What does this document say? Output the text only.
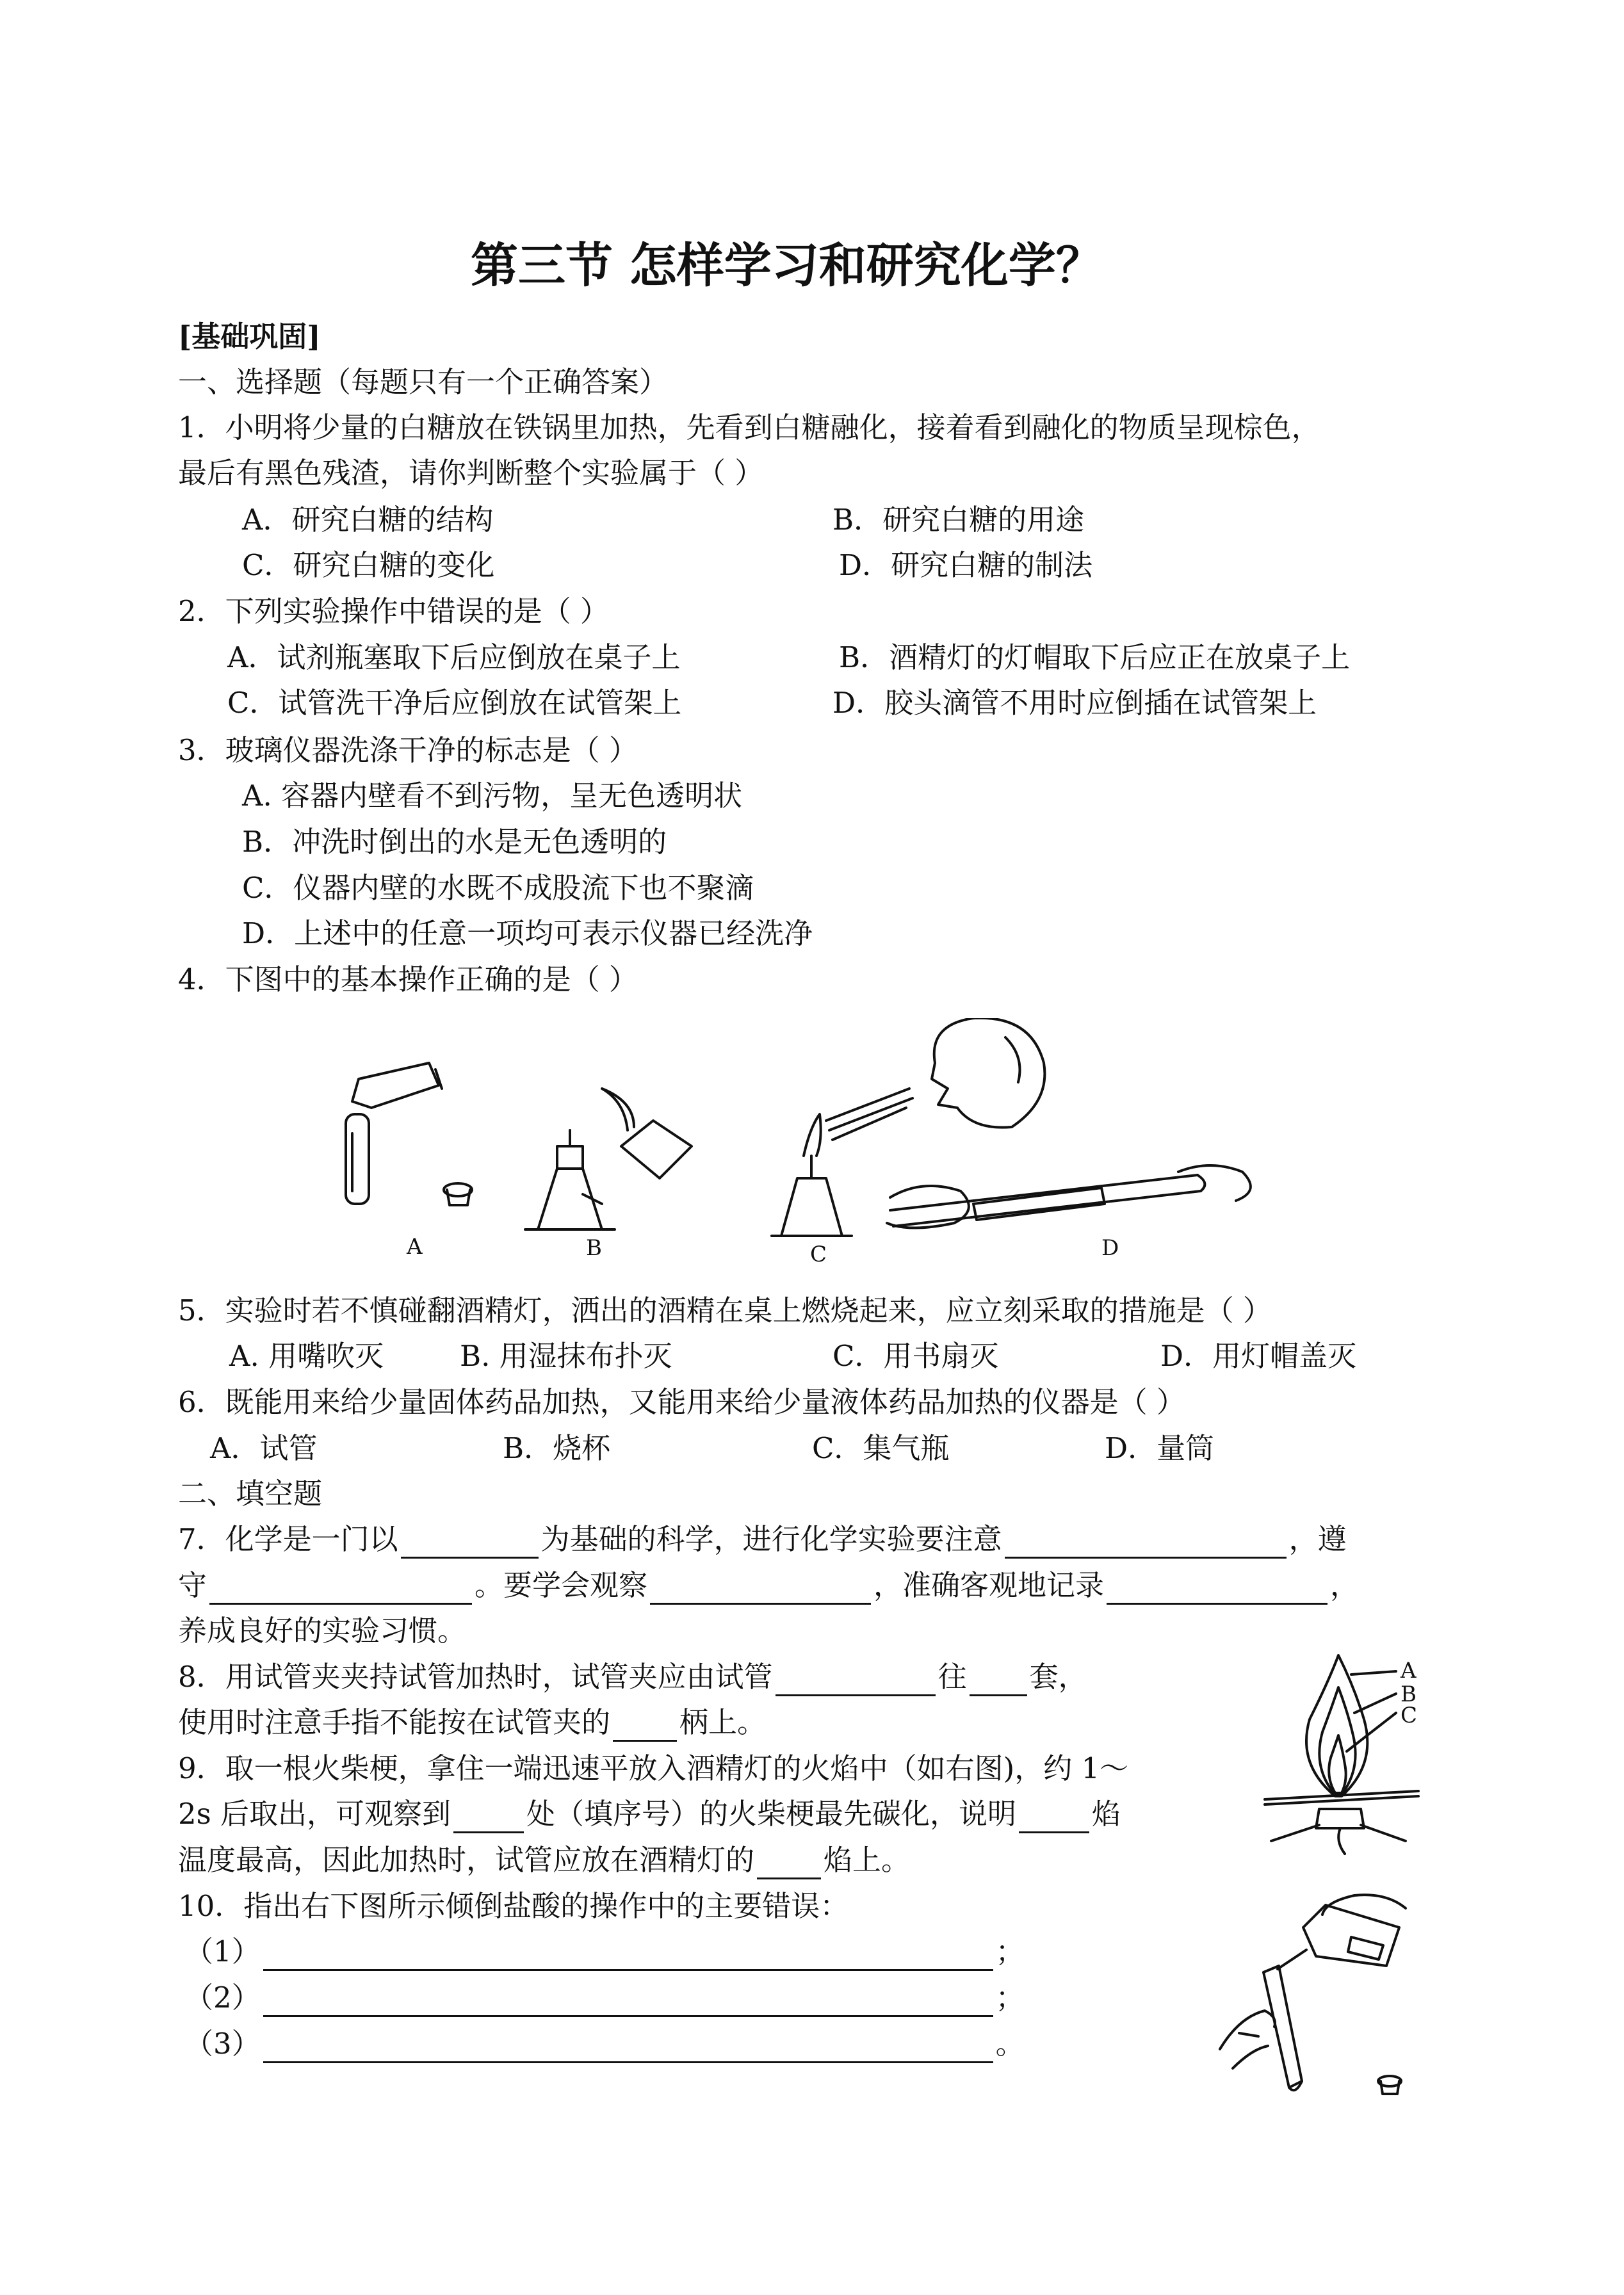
第三节 怎样学习和研究化学？
[基础巩固]
一、选择题（每题只有一个正确答案）
1．小明将少量的白糖放在铁锅里加热，先看到白糖融化，接着看到融化的物质呈现棕色，
最后有黑色残渣，请你判断整个实验属于（ ）
A．研究白糖的结构	B．研究白糖的用途
C．研究白糖的变化	D．研究白糖的制法
2．下列实验操作中错误的是（ ）
A．试剂瓶塞取下后应倒放在桌子上	B．酒精灯的灯帽取下后应正在放桌子上
C．试管洗干净后应倒放在试管架上	D．胶头滴管不用时应倒插在试管架上
3．玻璃仪器洗涤干净的标志是（ ）
A. 容器内壁看不到污物，呈无色透明状
B．冲洗时倒出的水是无色透明的
C．仪器内壁的水既不成股流下也不聚滴
D．上述中的任意一项均可表示仪器已经洗净
4．下图中的基本操作正确的是（ ）
A	B	C	D
5．实验时若不慎碰翻酒精灯，洒出的酒精在桌上燃烧起来，应立刻采取的措施是（ ）
A. 用嘴吹灭	B. 用湿抹布扑灭	C．用书扇灭	D．用灯帽盖灭
6．既能用来给少量固体药品加热，又能用来给少量液体药品加热的仪器是（ ）
A．试管	B．烧杯	C．集气瓶	D．量筒
二、填空题
7．化学是一门以	为基础的科学，进行化学实验要注意	，遵
守	。要学会观察	，准确客观地记录	，
养成良好的实验习惯。
8．用试管夹夹持试管加热时，试管夹应由试管	往 套，
使用时注意手指不能按在试管夹的 柄上。
9．取一根火柴梗，拿住一端迅速平放入酒精灯的火焰中（如右图)，约 1～
2s 后取出，可观察到	处（填序号）的火柴梗最先碳化，说明	焰
温度最高，因此加热时，试管应放在酒精灯的 焰上。
A
B
C
10．指出右下图所示倾倒盐酸的操作中的主要错误：
（1）	；
（2）	；
（3）	。
